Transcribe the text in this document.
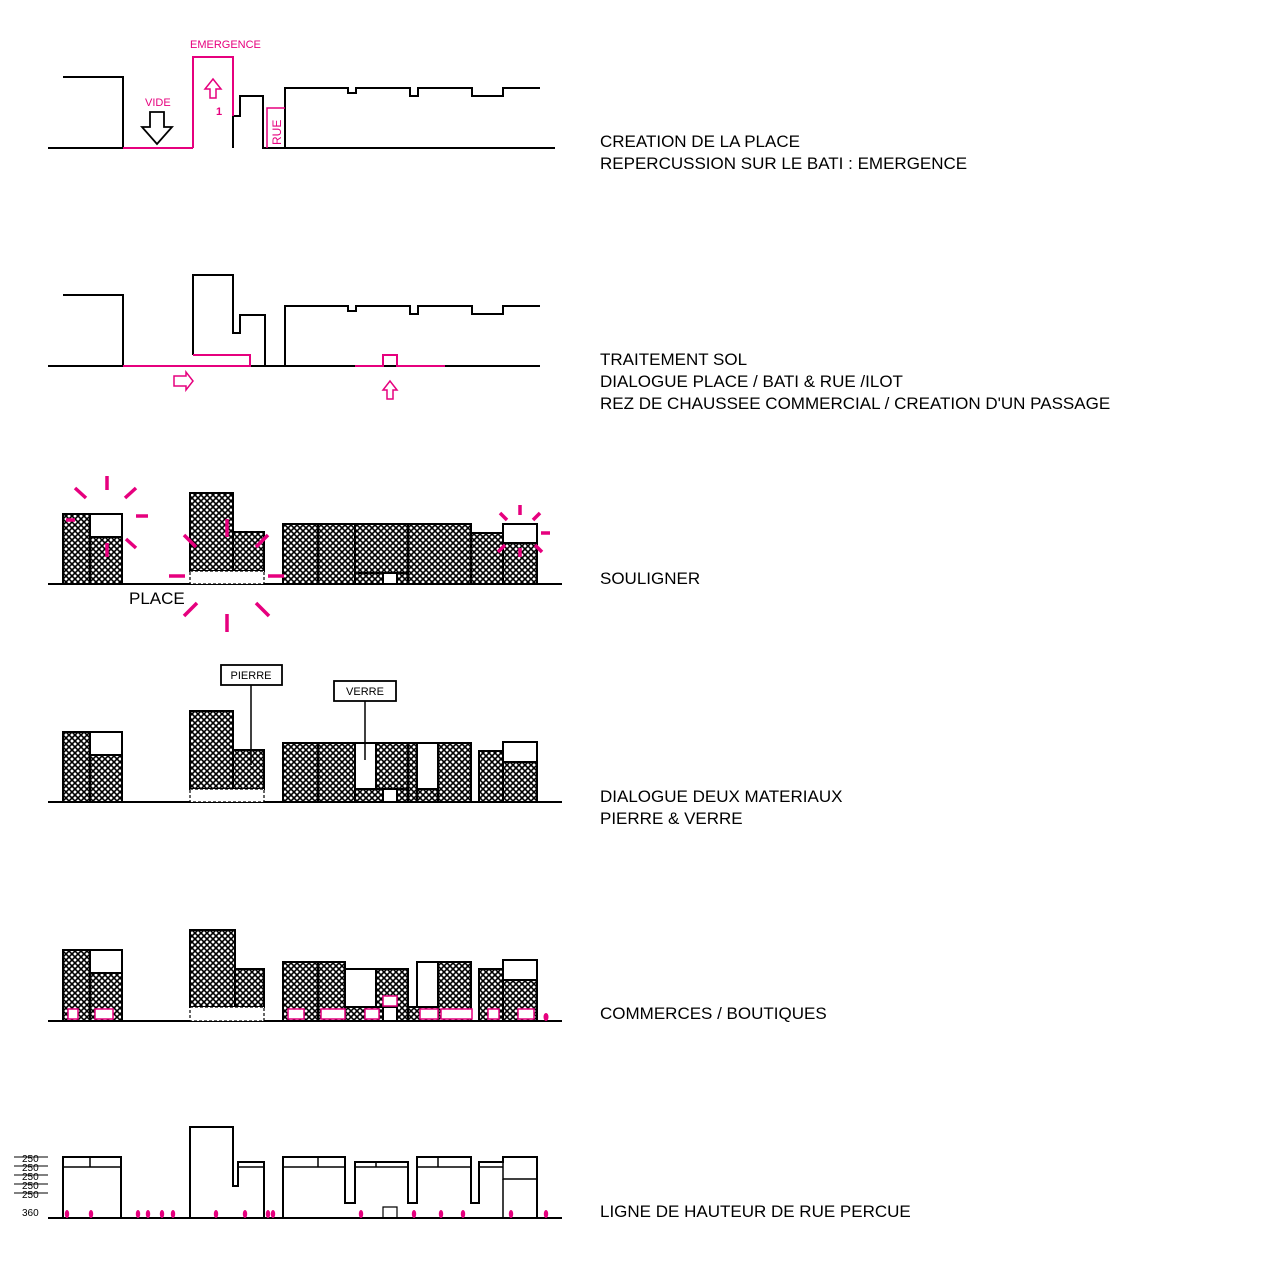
EMERGENCE
VIDE
1
RUE
PLACE
PIERRE
VERRE
250
250
250
250
250
360
CREATION DE LA PLACE
REPERCUSSION SUR LE BATI : EMERGENCE
TRAITEMENT SOL
DIALOGUE PLACE / BATI & RUE /ILOT
REZ DE CHAUSSEE COMMERCIAL / CREATION D'UN PASSAGE
SOULIGNER
DIALOGUE DEUX MATERIAUX
PIERRE & VERRE
COMMERCES / BOUTIQUES
LIGNE DE HAUTEUR DE RUE PERCUE
